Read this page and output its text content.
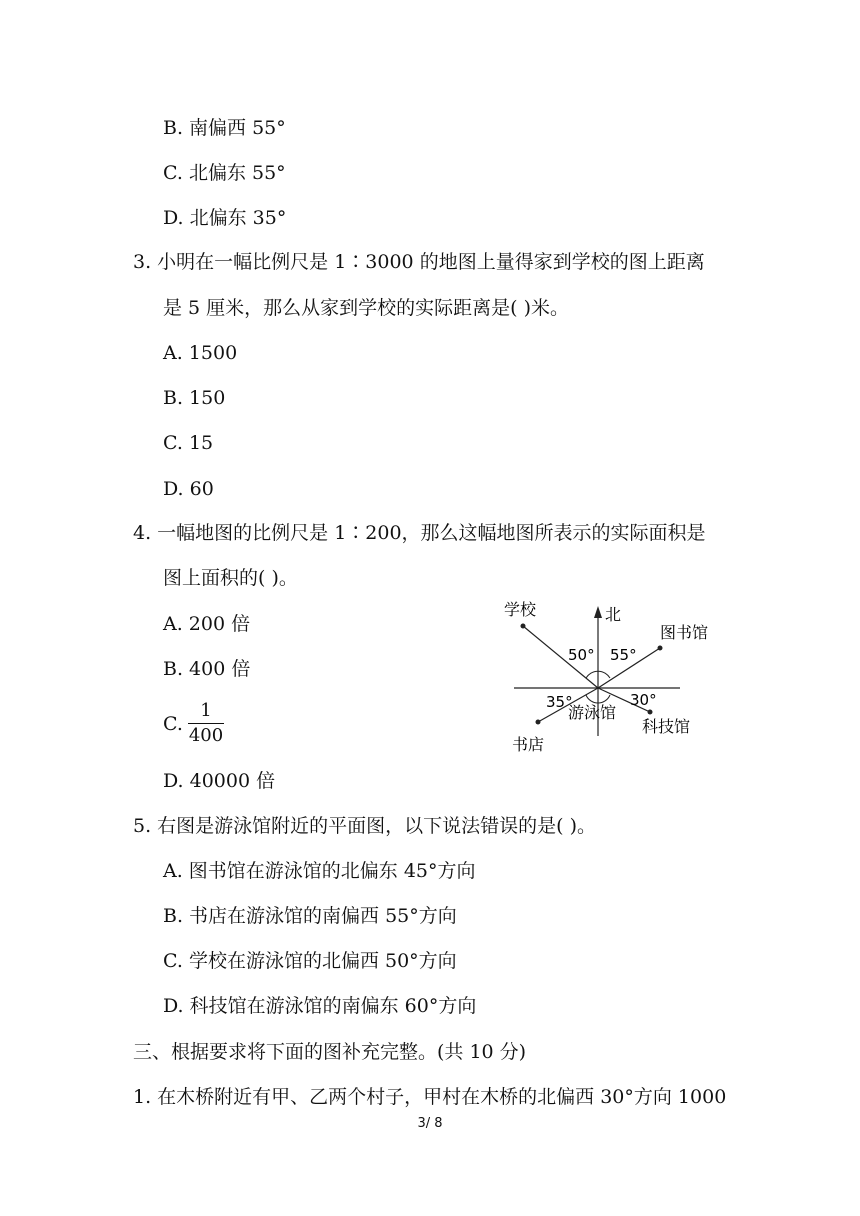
B. 南偏西 55°
C. 北偏东 55°
D. 北偏东 35°
3. 小明在一幅比例尺是 1∶3000 的地图上量得家到学校的图上距离
是 5 厘米，那么从家到学校的实际距离是( )米。
A. 1500
B. 150
C. 15
D. 60
4. 一幅地图的比例尺是 1∶200，那么这幅地图所表示的实际面积是
图上面积的( )。
A. 200 倍
B. 400 倍
C.
1
400
D. 40000 倍
北
学校
图书馆
书店
科技馆
50° 55°
35°	30°
游泳馆
5. 右图是游泳馆附近的平面图，以下说法错误的是( )。
A. 图书馆在游泳馆的北偏东 45°方向
B. 书店在游泳馆的南偏西 55°方向
C. 学校在游泳馆的北偏西 50°方向
D. 科技馆在游泳馆的南偏东 60°方向
三、根据要求将下面的图补充完整。(共 10 分)
1. 在木桥附近有甲、乙两个村子，甲村在木桥的北偏西 30°方向 1000
3/ 8
